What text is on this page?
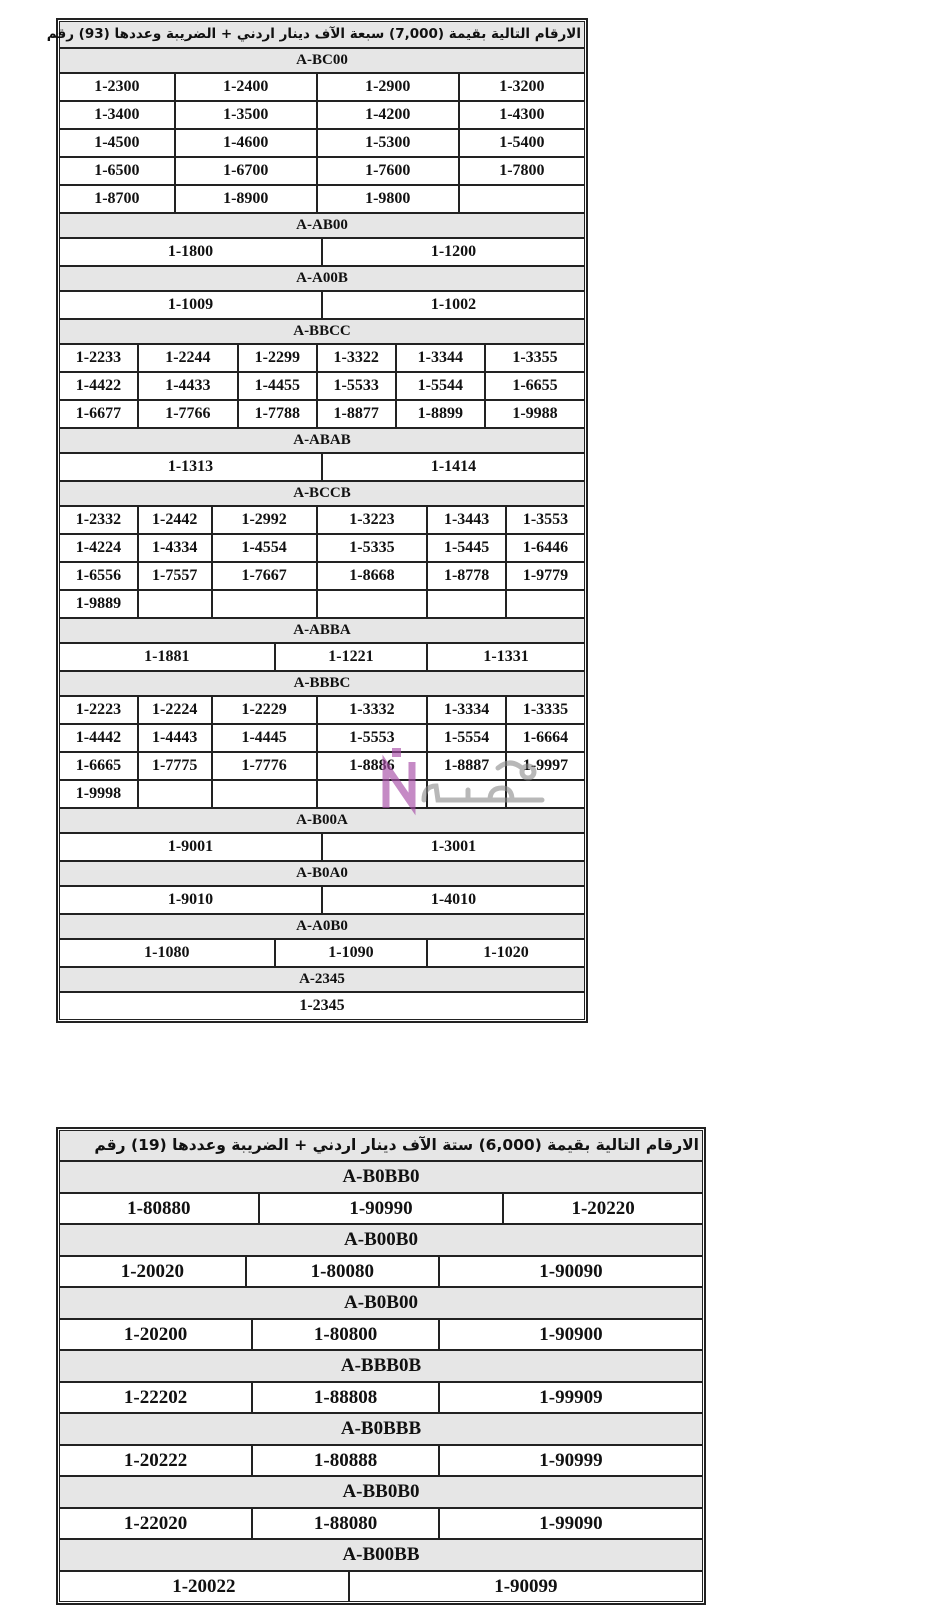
الارقام التالية بقيمة (7,000) سبعة الآف دينار اردني + الضريبة وعددها (93) رقم
A-BC00
1-2300	1-2400	1-2900	1-3200
1-3400	1-3500	1-4200	1-4300
1-4500	1-4600	1-5300	1-5400
1-6500	1-6700	1-7600	1-7800
1-8700	1-8900	1-9800
A-AB00
1-1800	1-1200
A-A00B
1-1009	1-1002
A-BBCC
1-2233	1-2244	1-2299	1-3322	1-3344	1-3355
1-4422	1-4433	1-4455	1-5533	1-5544	1-6655
1-6677	1-7766	1-7788	1-8877	1-8899	1-9988
A-ABAB
1-1313	1-1414
A-BCCB
1-2332	1-2442	1-2992	1-3223	1-3443	1-3553
1-4224	1-4334	1-4554	1-5335	1-5445	1-6446
1-6556	1-7557	1-7667	1-8668	1-8778	1-9779
1-9889
A-ABBA
1-1881	1-1221	1-1331
A-BBBC
1-2223	1-2224	1-2229	1-3332	1-3334	1-3335
1-4442	1-4443	1-4445	1-5553	1-5554	1-6664
1-6665	1-7775	1-7776	1-8886	1-8887	1-9997
1-9998
A-B00A
1-9001	1-3001
A-B0A0
1-9010	1-4010
A-A0B0
1-1080	1-1090	1-1020
A-2345
1-2345
الارقام التالية بقيمة (6,000) ستة الآف دينار اردني + الضريبة وعددها (19) رقم
A-B0BB0
1-80880	1-90990	1-20220
A-B00B0
1-20020	1-80080	1-90090
A-B0B00
1-20200	1-80800	1-90900
A-BBB0B
1-22202	1-88808	1-99909
A-B0BBB
1-20222	1-80888	1-90999
A-BB0B0
1-22020	1-88080	1-99090
A-B00BB
1-20022	1-90099
